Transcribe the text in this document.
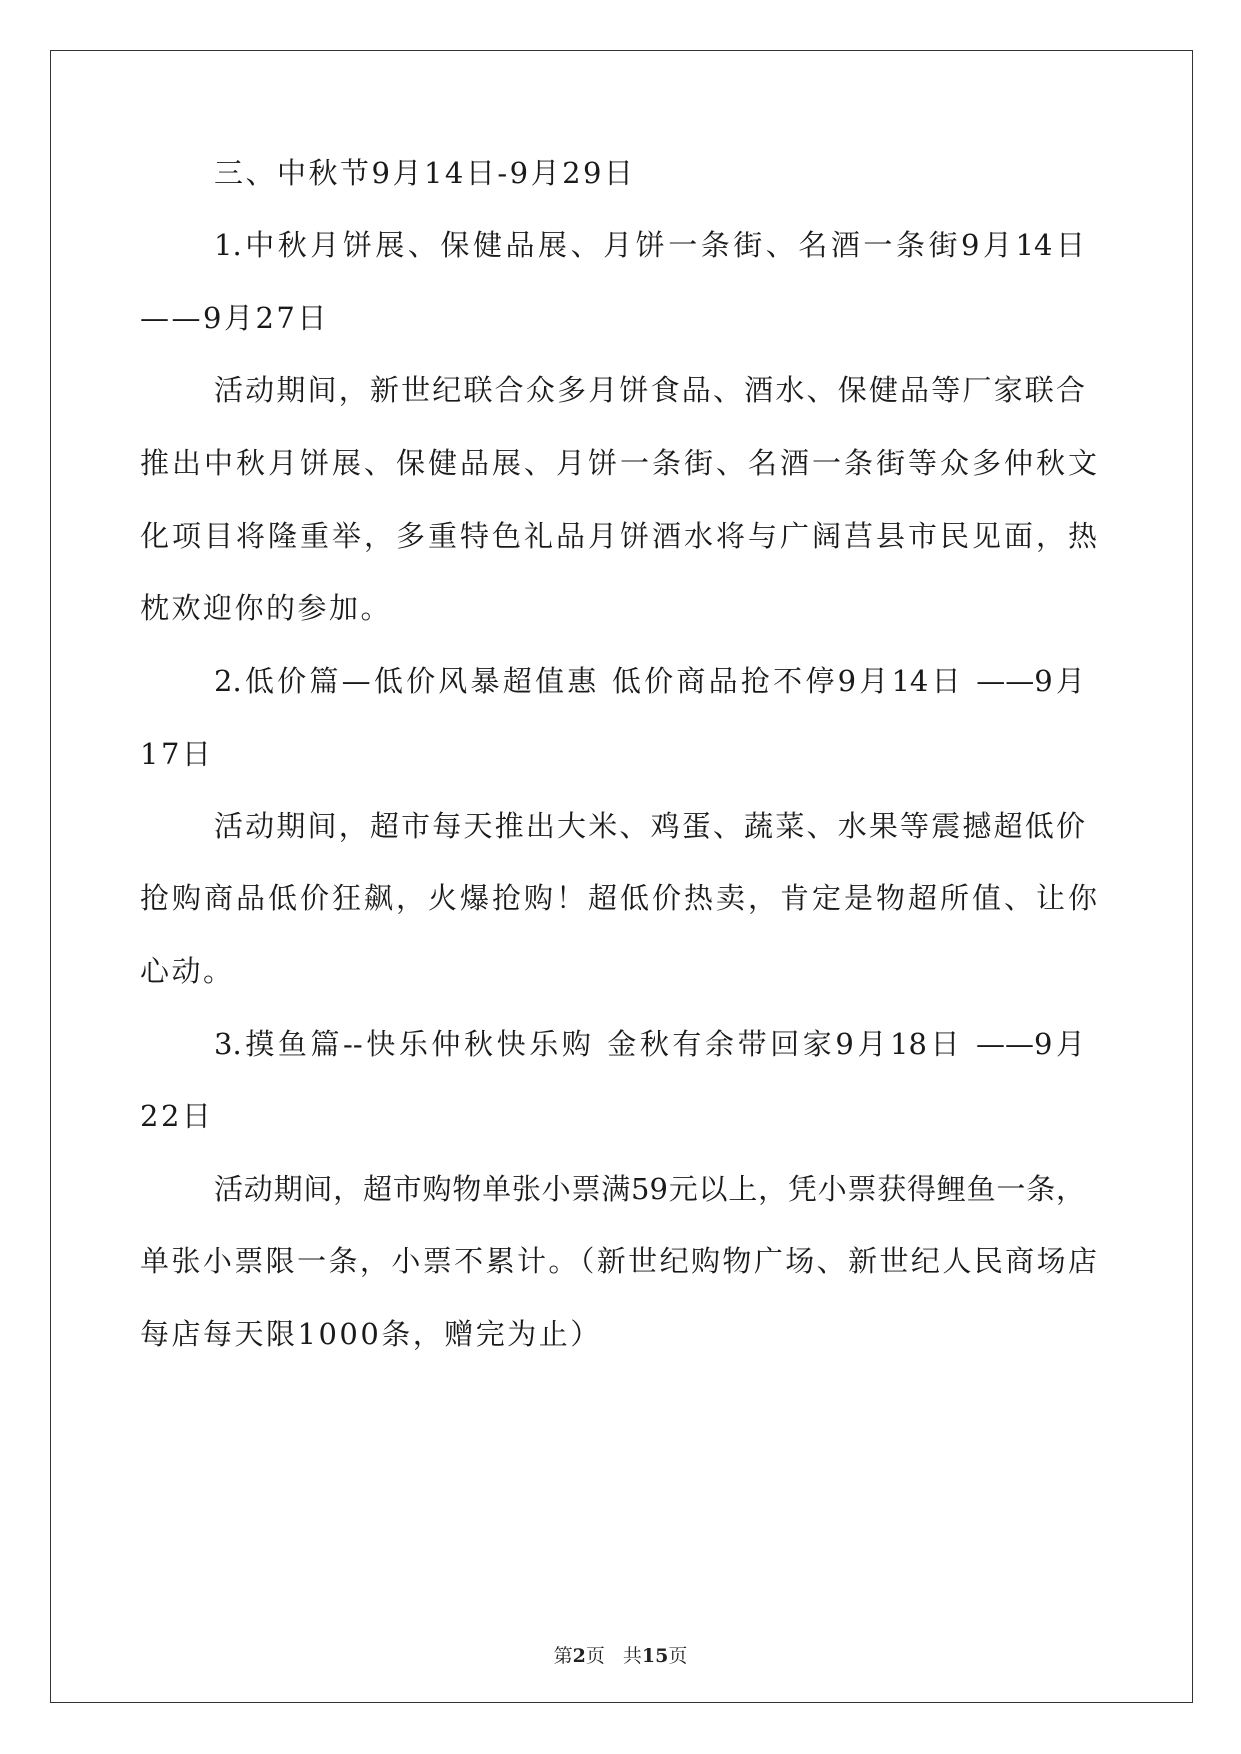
三、中秋节9月14日-9月29日
1.中秋月饼展、保健品展、月饼一条街、名酒一条街9月14日
——9月27日
活动期间，新世纪联合众多月饼食品、酒水、保健品等厂家联合
推出中秋月饼展、保健品展、月饼一条街、名酒一条街等众多仲秋文
化项目将隆重举，多重特色礼品月饼酒水将与广阔莒县市民见面，热
枕欢迎你的参加。
2.低价篇—低价风暴超值惠 低价商品抢不停9月14日 ——9月
17日
活动期间，超市每天推出大米、鸡蛋、蔬菜、水果等震撼超低价
抢购商品低价狂飙，火爆抢购！超低价热卖，肯定是物超所值、让你
心动。
3.摸鱼篇--快乐仲秋快乐购 金秋有余带回家9月18日 ——9月
22日
活动期间，超市购物单张小票满59元以上，凭小票获得鲤鱼一条，
单张小票限一条，小票不累计。（新世纪购物广场、新世纪人民商场店
每店每天限1000条，赠完为止）
第2页 共15页
